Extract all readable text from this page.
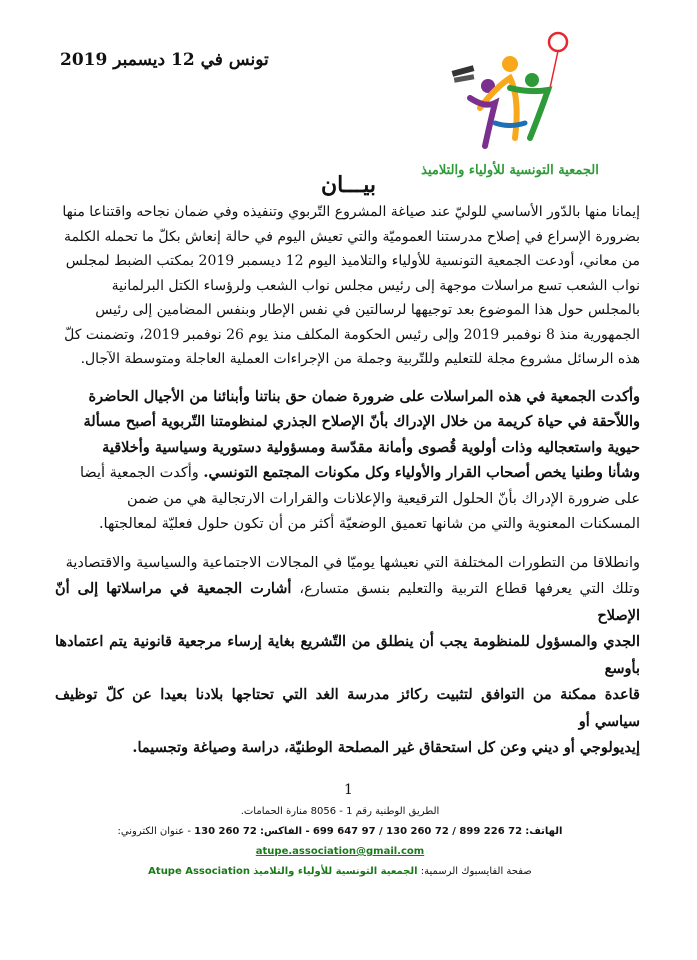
تونس في 12 ديسمبر 2019
الجمعية التونسية للأولياء والتلاميذ
بيـــان

إيمانا منها بالدّور الأساسي للوليّ عند صياغة المشروع التّربوي وتنفيذه وفي ضمان نجاحه واقتناعا منها
بضرورة الإسراع في إصلاح مدرستنا العموميّة والتي تعيش اليوم في حالة إنعاش بكلّ ما تحمله الكلمة
من معاني، أودعت الجمعية التونسية للأولياء والتلاميذ اليوم 12 ديسمبر 2019 بمكتب الضبط لمجلس
نواب الشعب تسع مراسلات موجهة إلى رئيس مجلس نواب الشعب ولرؤساء الكتل البرلمانية
بالمجلس حول هذا الموضوع بعد توجيهها لرسالتين في نفس الإطار وبنفس المضامين إلى رئيس
الجمهورية منذ 8 نوفمبر 2019 وإلى رئيس الحكومة المكلف منذ يوم 26 نوفمبر 2019، وتضمنت كلّ
هذه الرسائل مشروع مجلة للتعليم وللتّربية وجملة من الإجراءات العملية العاجلة ومتوسطة الآجال.

وأكدت الجمعية في هذه المراسلات على ضرورة ضمان حق بناتنا وأبنائنا من الأجيال الحاضرة
واللاّحقة في حياة كريمة من خلال الإدراك بأنّ الإصلاح الجذري لمنظومتنا التّربوية أصبح مسألة
حيوية واستعجاليه وذات أولوية قُصوى وأمانة مقدّسة ومسؤولية دستورية وسياسية وأخلاقية
وشأنا وطنيا يخص أصحاب القرار والأولياء وكل مكونات المجتمع التونسي. وأكدت الجمعية أيضا
على ضرورة الإدراك بأنّ الحلول الترقيعية والإعلانات والقرارات الارتجالية هي من ضمن
المسكنات المعنوية والتي من شانها تعميق الوضعيّة أكثر من أن تكون حلول فعليّة لمعالجتها.

وانطلاقا من التطورات المختلفة التي نعيشها يوميّا في المجالات الاجتماعية والسياسية والاقتصادية
وتلك التي يعرفها قطاع التربية والتعليم بنسق متسارع، أشارت الجمعية في مراسلاتها إلى أنّ الإصلاح
الجدي والمسؤول للمنظومة يجب أن ينطلق من التّشريع بغاية إرساء مرجعية قانونية يتم اعتمادها بأوسع
قاعدة ممكنة من التوافق لتثبيت ركائز مدرسة الغد التي تحتاجها بلادنا بعيدا عن كلّ توظيف سياسي أو
إيديولوجي أو ديني وعن كل استحقاق غير المصلحة الوطنيّة، دراسة وصياغة وتجسيما.

1
الطريق الوطنية رقم 1 - 8056 منارة الحمامات.
الهاتف: 72 226 899 / 72 260 130 / 97 647 699 - الفاكس: 72 260 130 - عنوان الكتروني: atupe.association@gmail.com
صفحة الفايسبوك الرسمية: الجمعية التونسية للأولياء والتلاميذ Atupe Association
